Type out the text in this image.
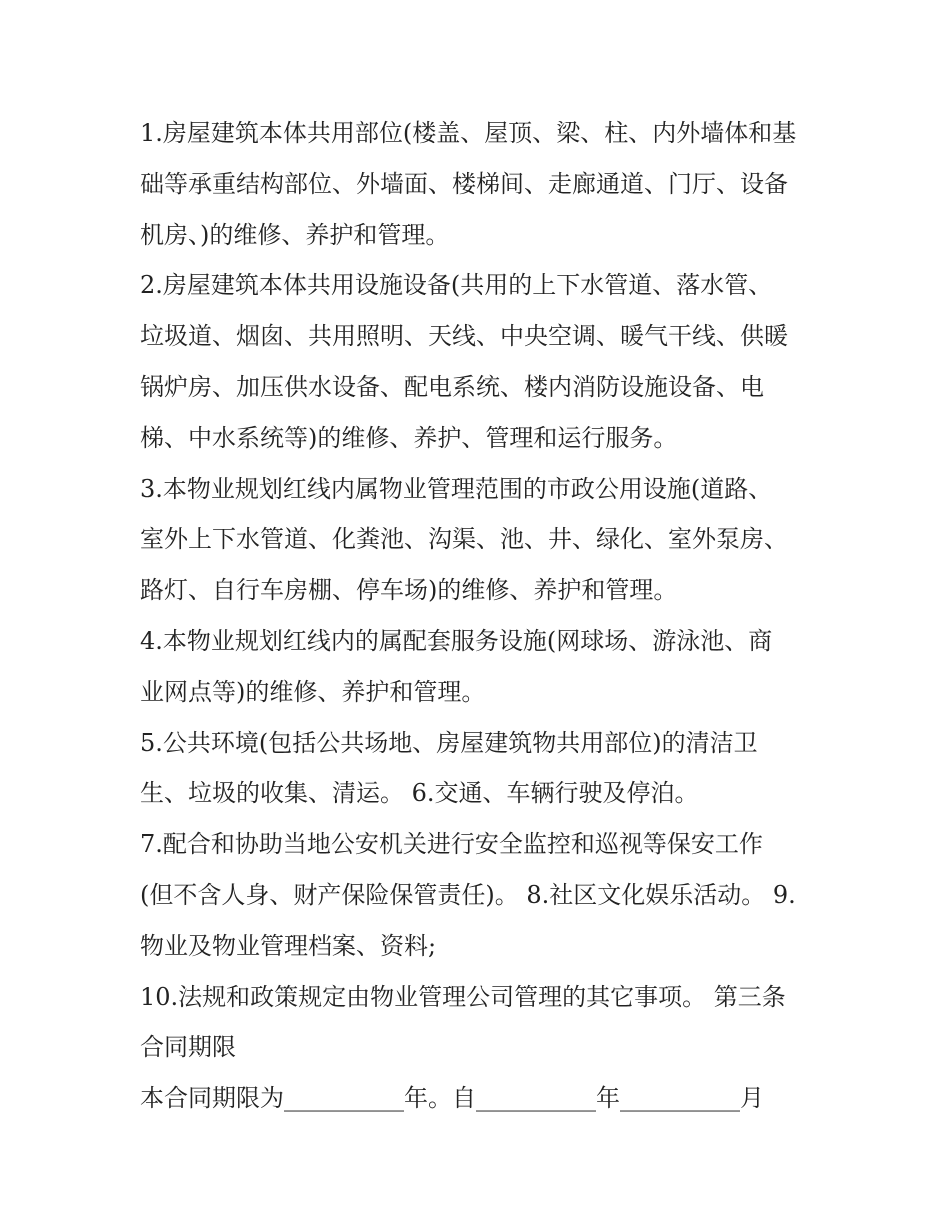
1.房屋建筑本体共用部位(楼盖、屋顶、梁、柱、内外墙体和基
础等承重结构部位、外墙面、楼梯间、走廊通道、门厅、设备
机房、)的维修、养护和管理。
2.房屋建筑本体共用设施设备(共用的上下水管道、落水管、
垃圾道、烟囱、共用照明、天线、中央空调、暖气干线、供暖
锅炉房、加压供水设备、配电系统、楼内消防设施设备、电
梯、中水系统等)的维修、养护、管理和运行服务。
3.本物业规划红线内属物业管理范围的市政公用设施(道路、
室外上下水管道、化粪池、沟渠、池、井、绿化、室外泵房、
路灯、自行车房棚、停车场)的维修、养护和管理。
4.本物业规划红线内的属配套服务设施(网球场、游泳池、商
业网点等)的维修、养护和管理。
5.公共环境(包括公共场地、房屋建筑物共用部位)的清洁卫
生、垃圾的收集、清运。 6.交通、车辆行驶及停泊。
7.配合和协助当地公安机关进行安全监控和巡视等保安工作
(但不含人身、财产保险保管责任)。 8.社区文化娱乐活动。 9.
物业及物业管理档案、资料;
10.法规和政策规定由物业管理公司管理的其它事项。 第三条
合同期限
本合同期限为__________年。自__________年__________月
